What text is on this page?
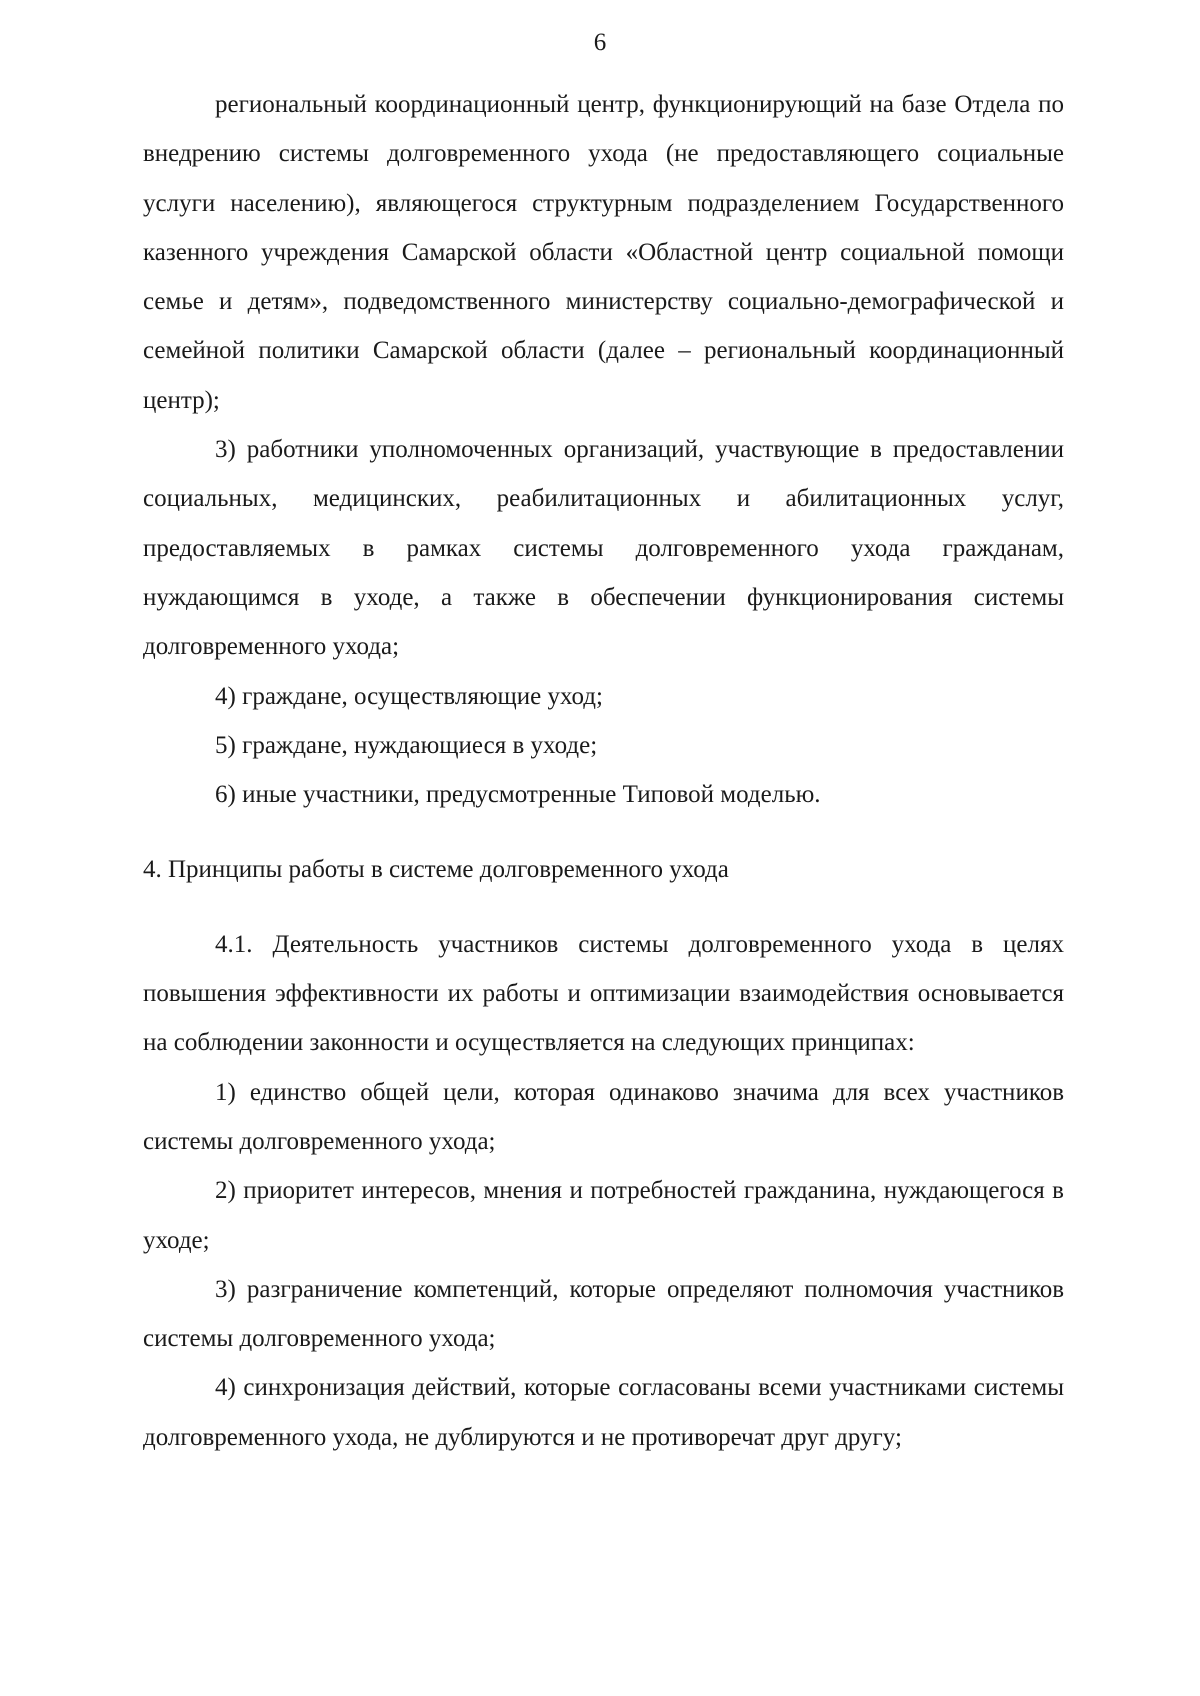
6

региональный координационный центр, функционирующий на базе Отдела по внедрению системы долговременного ухода (не предоставляющего социальные услуги населению), являющегося структурным подразделением Государственного казенного учреждения Самарской области «Областной центр социальной помощи семье и детям», подведомственного министерству социально-демографической и семейной политики Самарской области (далее – региональный координационный центр);

3) работники уполномоченных организаций, участвующие в предоставлении социальных, медицинских, реабилитационных и абилитационных услуг, предоставляемых в рамках системы долговременного ухода гражданам, нуждающимся в уходе, а также в обеспечении функционирования системы долговременного ухода;

4) граждане, осуществляющие уход;

5) граждане, нуждающиеся в уходе;

6) иные участники, предусмотренные Типовой моделью.

4. Принципы работы в системе долговременного ухода

4.1. Деятельность участников системы долговременного ухода в целях повышения эффективности их работы и оптимизации взаимодействия основывается на соблюдении законности и осуществляется на следующих принципах:

1) единство общей цели, которая одинаково значима для всех участников системы долговременного ухода;

2) приоритет интересов, мнения и потребностей гражданина, нуждающегося в уходе;

3) разграничение компетенций, которые определяют полномочия участников системы долговременного ухода;

4) синхронизация действий, которые согласованы всеми участниками системы долговременного ухода, не дублируются и не противоречат друг другу;
